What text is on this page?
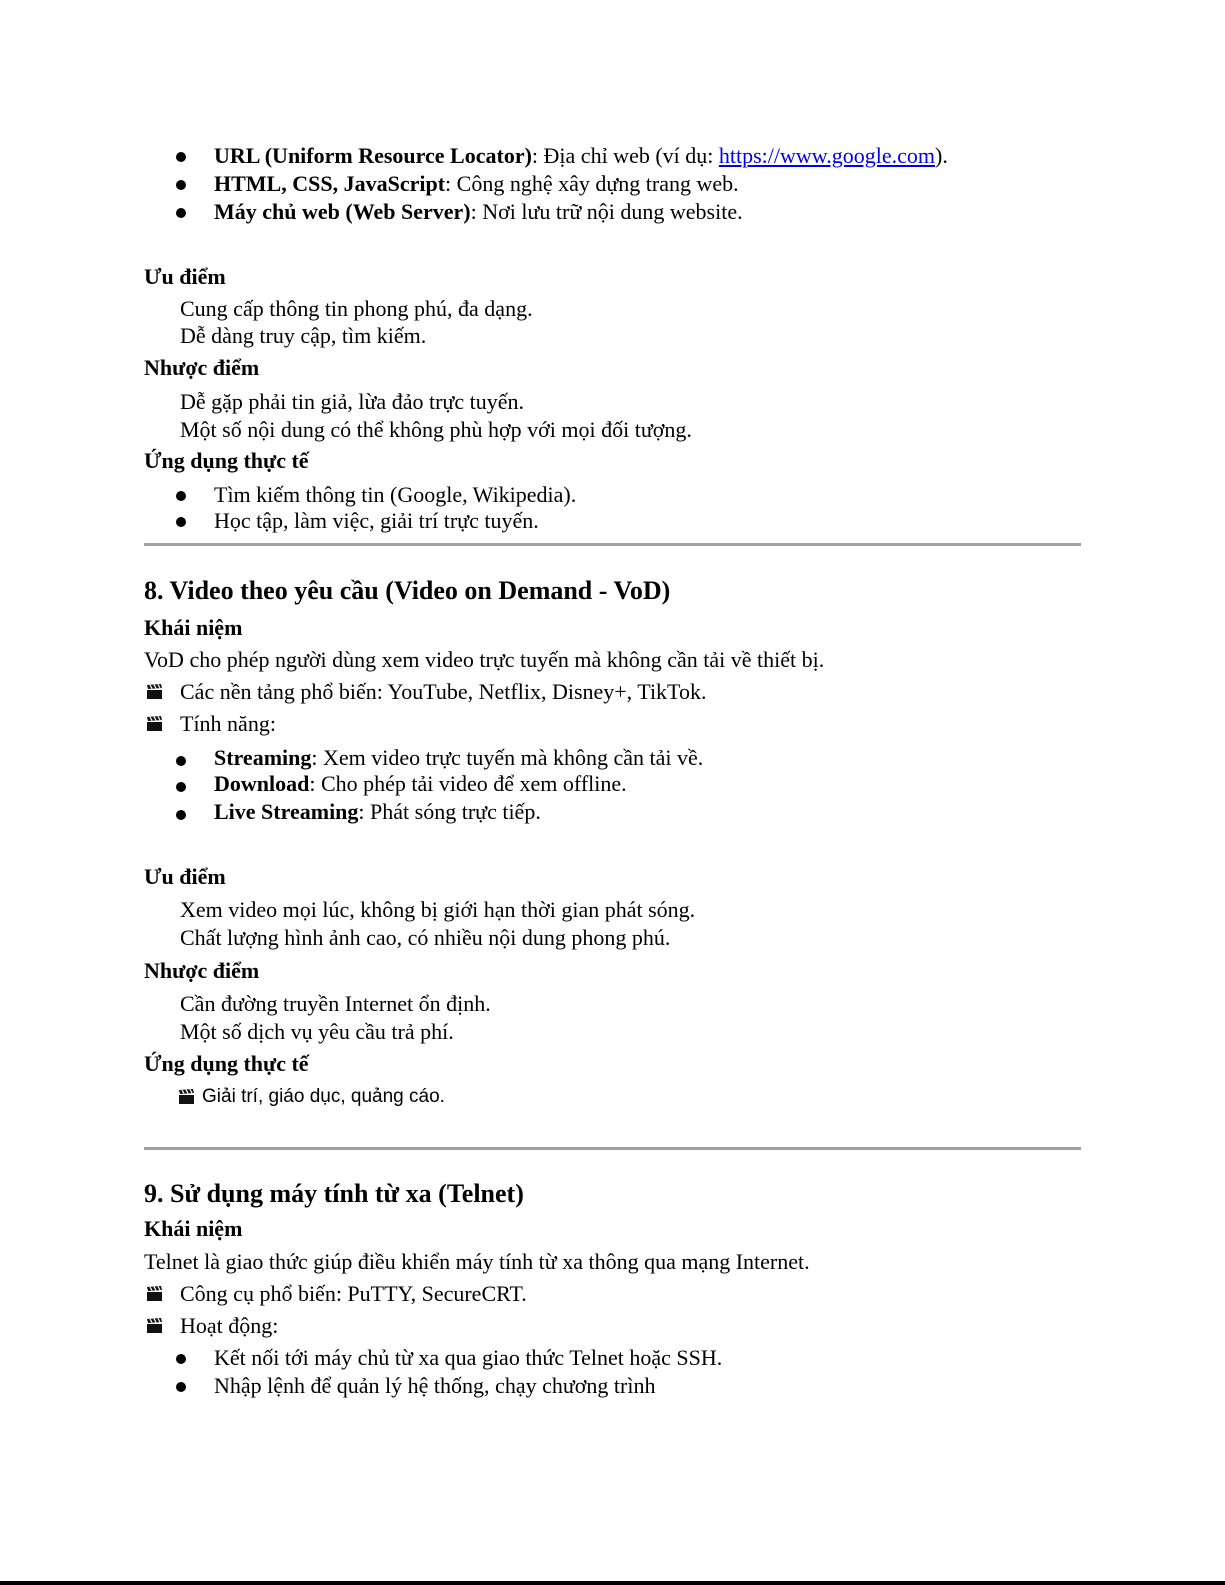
URL (Uniform Resource Locator): Địa chỉ web (ví dụ: https://www.google.com).
HTML, CSS, JavaScript: Công nghệ xây dựng trang web.
Máy chủ web (Web Server): Nơi lưu trữ nội dung website.
Ưu điểm
Cung cấp thông tin phong phú, đa dạng.
Dễ dàng truy cập, tìm kiếm.
Nhược điểm
Dễ gặp phải tin giả, lừa đảo trực tuyến.
Một số nội dung có thể không phù hợp với mọi đối tượng.
Ứng dụng thực tế
Tìm kiếm thông tin (Google, Wikipedia).
Học tập, làm việc, giải trí trực tuyến.
8. Video theo yêu cầu (Video on Demand - VoD)
Khái niệm
VoD cho phép người dùng xem video trực tuyến mà không cần tải về thiết bị.
Các nền tảng phổ biến: YouTube, Netflix, Disney+, TikTok.
Tính năng:
Streaming: Xem video trực tuyến mà không cần tải về.
Download: Cho phép tải video để xem offline.
Live Streaming: Phát sóng trực tiếp.
Ưu điểm
Xem video mọi lúc, không bị giới hạn thời gian phát sóng.
Chất lượng hình ảnh cao, có nhiều nội dung phong phú.
Nhược điểm
Cần đường truyền Internet ổn định.
Một số dịch vụ yêu cầu trả phí.
Ứng dụng thực tế
Giải trí, giáo dục, quảng cáo.
9. Sử dụng máy tính từ xa (Telnet)
Khái niệm
Telnet là giao thức giúp điều khiển máy tính từ xa thông qua mạng Internet.
Công cụ phổ biến: PuTTY, SecureCRT.
Hoạt động:
Kết nối tới máy chủ từ xa qua giao thức Telnet hoặc SSH.
Nhập lệnh để quản lý hệ thống, chạy chương trình
